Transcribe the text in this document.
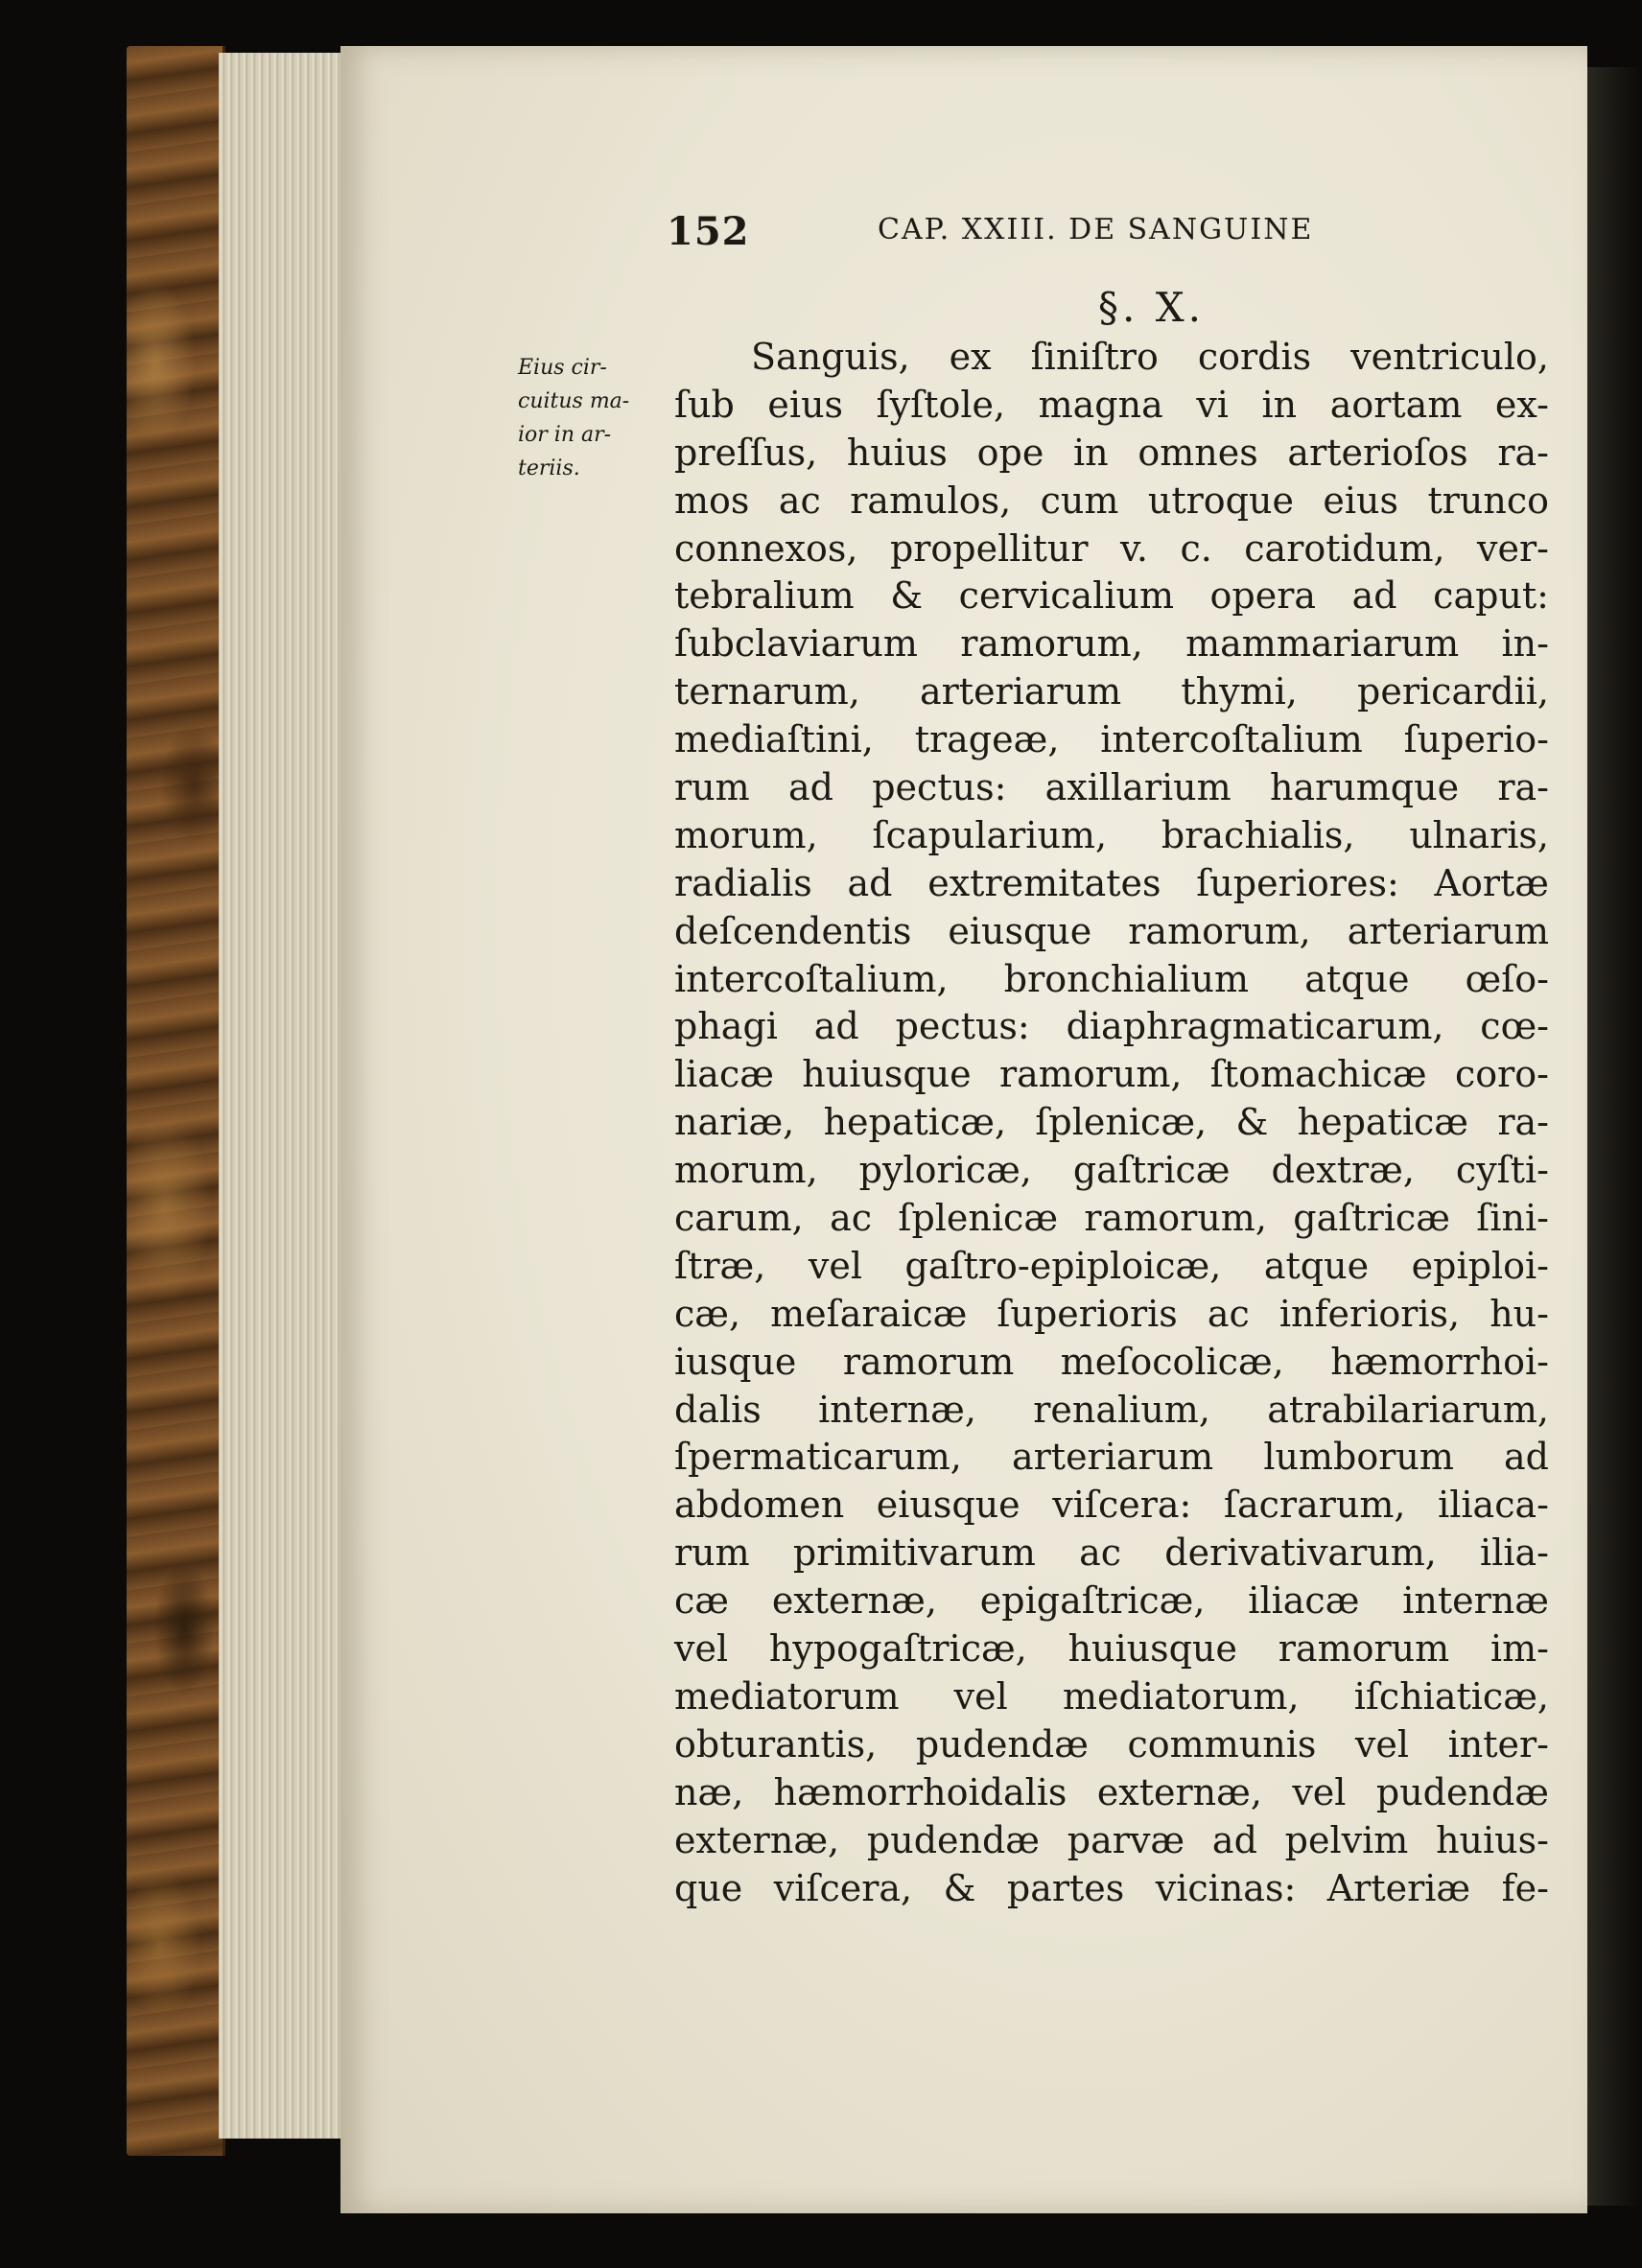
152	CAP. XXIII. DE SANGUINE
§. X.
Eius cir-
cuitus ma-
ior in ar-
teriis.
Sanguis, ex ſiniſtro cordis ventriculo,
ſub eius ſyſtole, magna vi in aortam ex-
preſſus, huius ope in omnes arterioſos ra-
mos ac ramulos, cum utroque eius trunco
connexos, propellitur v. c. carotidum, ver-
tebralium & cervicalium opera ad caput:
ſubclaviarum ramorum, mammariarum in-
ternarum, arteriarum thymi, pericardii,
mediaſtini, trageæ, intercoſtalium ſuperio-
rum ad pectus: axillarium harumque ra-
morum, ſcapularium, brachialis, ulnaris,
radialis ad extremitates ſuperiores: Aortæ
deſcendentis eiusque ramorum, arteriarum
intercoſtalium, bronchialium atque œſo-
phagi ad pectus: diaphragmaticarum, cœ-
liacæ huiusque ramorum, ſtomachicæ coro-
nariæ, hepaticæ, ſplenicæ, & hepaticæ ra-
morum, pyloricæ, gaſtricæ dextræ, cyſti-
carum, ac ſplenicæ ramorum, gaſtricæ ſini-
ſtræ, vel gaſtro-epiploicæ, atque epiploi-
cæ, meſaraicæ ſuperioris ac inferioris, hu-
iusque ramorum meſocolicæ, hæmorrhoi-
dalis internæ, renalium, atrabilariarum,
ſpermaticarum, arteriarum lumborum ad
abdomen eiusque viſcera: ſacrarum, iliaca-
rum primitivarum ac derivativarum, ilia-
cæ externæ, epigaſtricæ, iliacæ internæ
vel hypogaſtricæ, huiusque ramorum im-
mediatorum vel mediatorum, iſchiaticæ,
obturantis, pudendæ communis vel inter-
næ, hæmorrhoidalis externæ, vel pudendæ
externæ, pudendæ parvæ ad pelvim huius-
que viſcera, & partes vicinas: Arteriæ fe-
